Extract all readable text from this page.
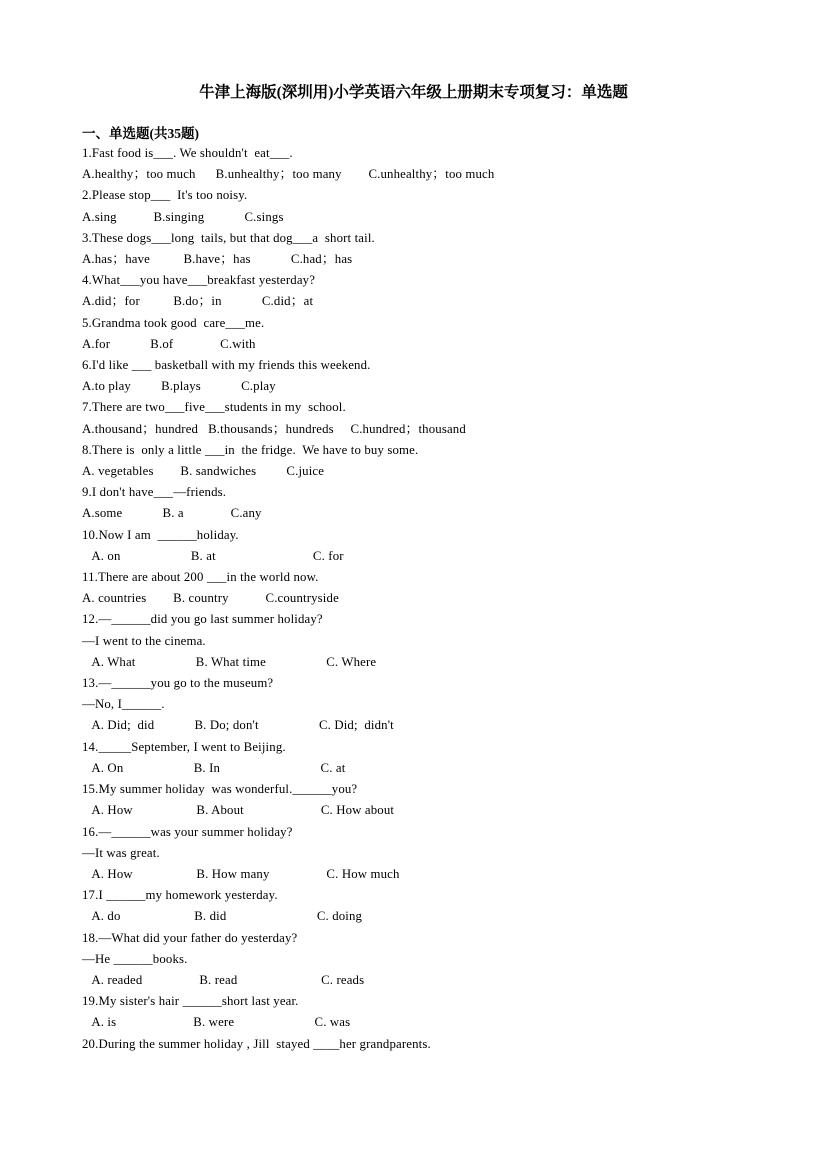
牛津上海版(深圳用)小学英语六年级上册期末专项复习：单选题
一、单选题(共35题)
1.Fast food is___. We shouldn't  eat___.
A.healthy；too much      B.unhealthy；too many        C.unhealthy；too much
2.Please stop___  It's too noisy.
A.sing           B.singing            C.sings
3.These dogs___long  tails, but that dog___a  short tail.
A.has；have          B.have；has            C.had；has
4.What___you have___breakfast yesterday?
A.did；for          B.do；in            C.did；at
5.Grandma took good  care___me.
A.for            B.of              C.with
6.I'd like ___ basketball with my friends this weekend.
A.to play         B.plays            C.play
7.There are two___five___students in my  school.
A.thousand；hundred   B.thousands；hundreds     C.hundred；thousand
8.There is  only a little ___in  the fridge.  We have to buy some.
A. vegetables        B. sandwiches         C.juice
9.I don't have___—friends.
A.some            B. a              C.any
10.Now I am  ______holiday.
A. on                     B. at                             C. for
11.There are about 200 ___in the world now.
A. countries        B. country           C.countryside
12.—______did you go last summer holiday?
—I went to the cinema.
A. What                  B. What time                  C. Where
13.—______you go to the museum?
—No, I______.
A. Did;  did            B. Do; don't                  C. Did;  didn't
14._____September, I went to Beijing.
A. On                     B. In                              C. at
15.My summer holiday  was wonderful.______you?
A. How                   B. About                       C. How about
16.—______was your summer holiday?
—It was great.
A. How                   B. How many                 C. How much
17.I ______my homework yesterday.
A. do                      B. did                           C. doing
18.—What did your father do yesterday?
—He ______books.
A. readed                 B. read                         C. reads
19.My sister's hair ______short last year.
A. is                       B. were                        C. was
20.During the summer holiday , Jill  stayed ____her grandparents.
